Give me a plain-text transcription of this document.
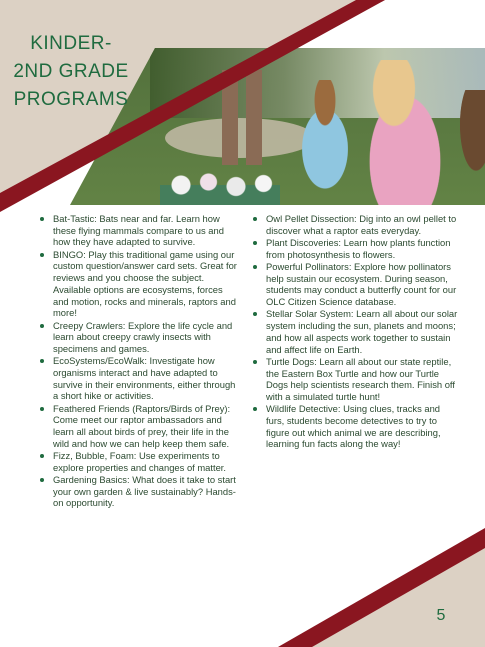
KINDER-
2ND GRADE
PROGRAMS
Bat-Tastic: Bats near and far. Learn how these flying mammals compare to us and how they have adapted to survive.
BINGO: Play this traditional game using our custom question/answer card sets. Great for reviews and you choose the subject. Available options are ecosystems, forces and motion, rocks and minerals, raptors and more!
Creepy Crawlers: Explore the life cycle and learn about creepy crawly insects with specimens and games.
EcoSystems/EcoWalk: Investigate how organisms interact and have adapted to survive in their environments, either through a short hike or activities.
Feathered Friends (Raptors/Birds of Prey): Come meet our raptor ambassadors and learn all about birds of prey, their life in the wild and how we can help keep them safe.
Fizz, Bubble, Foam: Use experiments to explore properties and changes of matter.
Gardening Basics: What does it take to start your own garden & live sustainably? Hands-on opportunity.
Owl Pellet Dissection: Dig into an owl pellet to discover what a raptor eats everyday.
Plant Discoveries: Learn how plants function from photosynthesis to flowers.
Powerful Pollinators: Explore how pollinators help sustain our ecosystem. During season, students may conduct a butterfly count for our OLC Citizen Science database.
Stellar Solar System: Learn all about our solar system including the sun, planets and moons; and how all aspects work together to sustain and affect life on Earth.
Turtle Dogs: Learn all about our state reptile, the Eastern Box Turtle and how our Turtle Dogs help scientists research them. Finish off with a simulated turtle hunt!
Wildlife Detective: Using clues, tracks and furs, students become detectives to try to figure out which animal we are describing, learning fun facts along the way!
5
